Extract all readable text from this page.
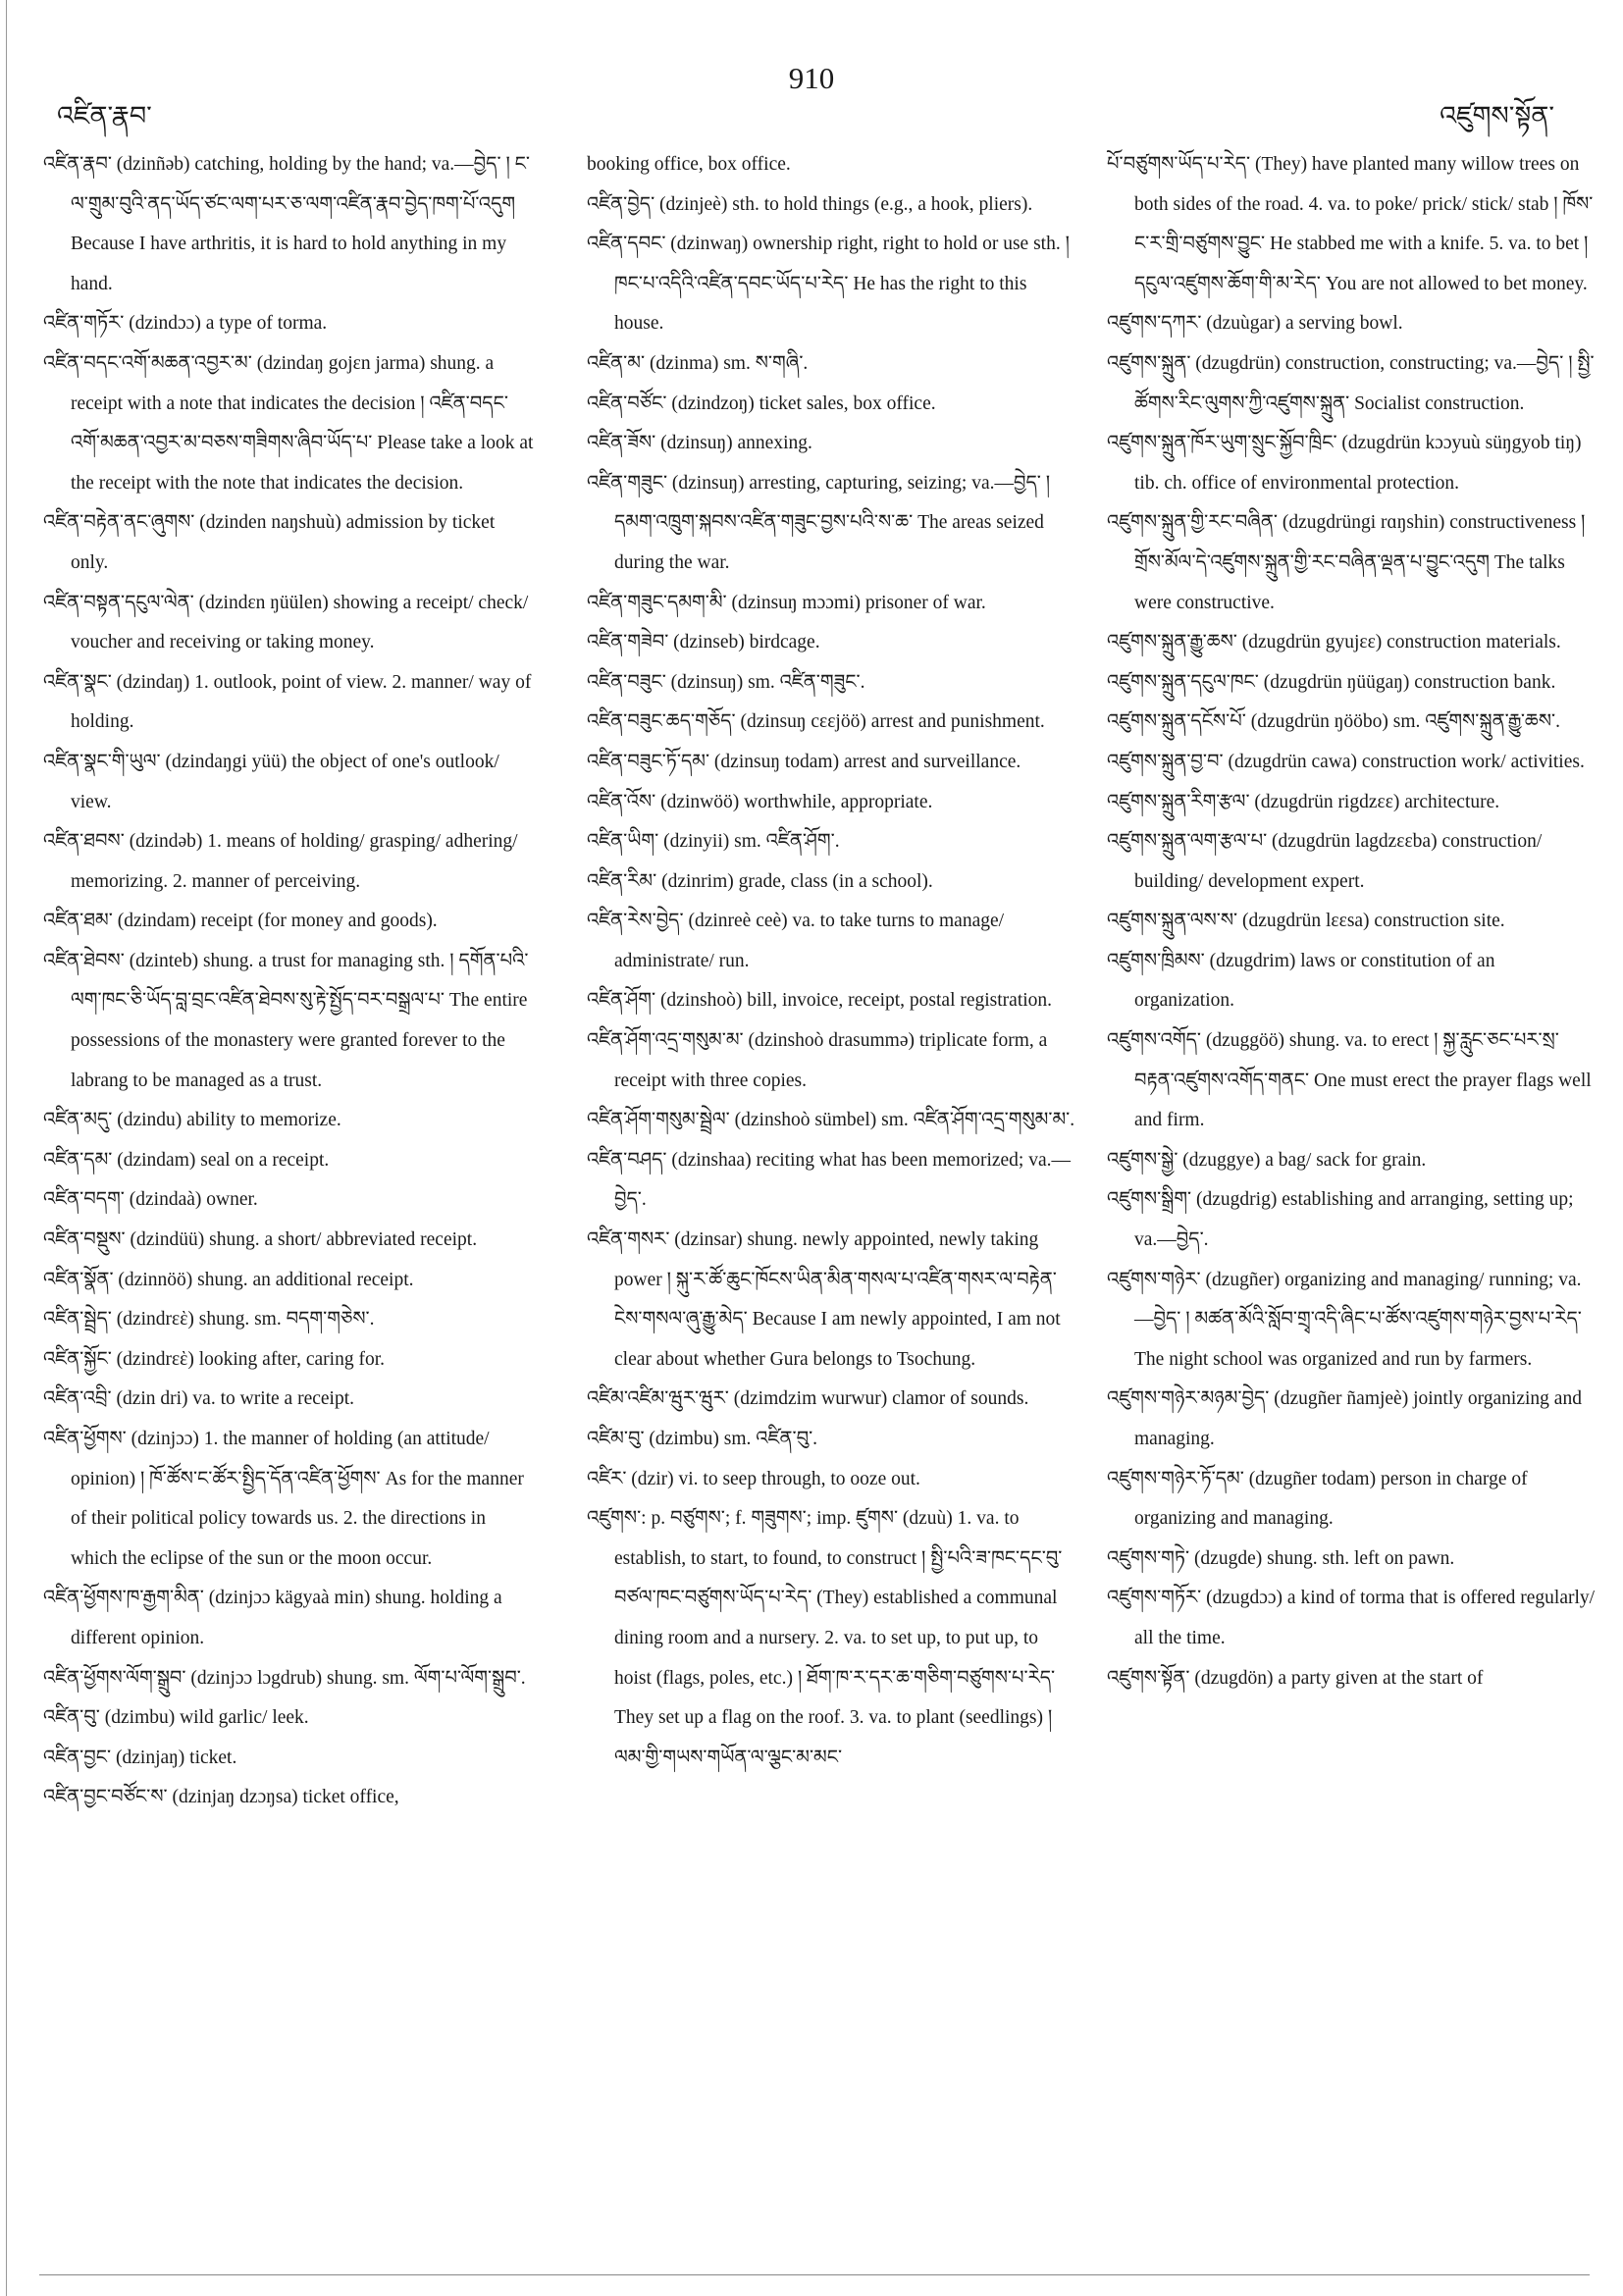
འཛིན་རྣབ་
910
འཛུགས་སྟོན་
འཛིན་རྣབ་ (dzinñəb) catching, holding by the hand; va.—བྱེད་ ། ང་ལ་གྲུམ་བུའི་ནད་ཡོད་ཙང་ལག་པར་ཅ་ལག་འཛིན་རྣབ་བྱེད་ཁག་པོ་འདུག Because I have arthritis, it is hard to hold anything in my hand.
འཛིན་གཏོར་ (dzindɔɔ) a type of torma.
འཛིན་བདང་འགོ་མཆན་འབྱར་མ་ (dzindaŋ gojɛn jarma) shung. a receipt with a note that indicates the decision ། འཛིན་བདང་འགོ་མཆན་འབྱར་མ་བཅས་གཟིགས་ཞིབ་ཡོད་པ་ Please take a look at the receipt with the note that indicates the decision.
འཛིན་བརྟེན་ནང་ཞུགས་ (dzinden naŋshuù) admission by ticket only.
འཛིན་བསྟན་དངུལ་ལེན་ (dzindɛn ŋüülen) showing a receipt/ check/ voucher and receiving or taking money.
འཛིན་སྣང་ (dzindaŋ) 1. outlook, point of view. 2. manner/ way of holding.
འཛིན་སྣང་གི་ཡུལ་ (dzindaŋgi yüü) the object of one's outlook/ view.
འཛིན་ཐབས་ (dzindəb) 1. means of holding/ grasping/ adhering/ memorizing. 2. manner of perceiving.
འཛིན་ཐམ་ (dzindam) receipt (for money and goods).
འཛིན་ཐེབས་ (dzinteb) shung. a trust for managing sth. ། དགོན་པའི་ལག་ཁང་ཅི་ཡོད་བླ་བྲང་འཛིན་ཐེབས་སུ་རྟེ་སྤྱོད་བར་བསྒྲལ་པ་ The entire possessions of the monastery were granted forever to the labrang to be managed as a trust.
འཛིན་མདུ་ (dzindu) ability to memorize.
འཛིན་དམ་ (dzindam) seal on a receipt.
འཛིན་བདག་ (dzindaà) owner.
འཛིན་བསྡུས་ (dzindüü) shung. a short/ abbreviated receipt.
འཛིན་སྣོན་ (dzinnöö) shung. an additional receipt.
འཛིན་སྦྲེད་ (dzindrεὲ) shung. sm. བདག་གཅེས་.
འཛིན་སྐྱོང་ (dzindrεὲ) looking after, caring for.
འཛིན་འབྲི་ (dzin dri) va. to write a receipt.
འཛིན་ཕྱོགས་ (dzinjɔɔ) 1. the manner of holding (an attitude/ opinion) ། ཁོ་ཚོས་ང་ཚོར་སྤྱིད་དོན་འཛིན་ཕྱོགས་ As for the manner of their political policy towards us. 2. the directions in which the eclipse of the sun or the moon occur.
འཛིན་ཕྱོགས་ཁ་རྒྱག་མིན་ (dzinjɔɔ kägyaà min) shung. holding a different opinion.
འཛིན་ཕྱོགས་ལོག་སྒྲུབ་ (dzinjɔɔ lɔgdrub) shung. sm. ལོག་པ་ལོག་སྒྲུབ་.
འཛིན་བུ་ (dzimbu) wild garlic/ leek.
འཛིན་བྱང་ (dzinjaŋ) ticket.
འཛིན་བྱང་བཙོང་ས་ (dzinjaŋ dzɔŋsa) ticket office,
booking office, box office.
འཛིན་བྱེད་ (dzinjeè) sth. to hold things (e.g., a hook, pliers).
འཛིན་དབང་ (dzinwaŋ) ownership right, right to hold or use sth. ། ཁང་པ་འདིའི་འཛིན་དབང་ཡོད་པ་རེད་ He has the right to this house.
འཛིན་མ་ (dzinma) sm. ས་གཞི་.
འཛིན་བཙོང་ (dzindzoŋ) ticket sales, box office.
འཛིན་ཟོས་ (dzinsuŋ) annexing.
འཛིན་གཟུང་ (dzinsuŋ) arresting, capturing, seizing; va.—བྱེད་ ། དམག་འཁྲུག་སྐབས་འཛིན་གཟུང་བྱས་པའི་ས་ཆ་ The areas seized during the war.
འཛིན་གཟུང་དམག་མི་ (dzinsuŋ mɔɔmi) prisoner of war.
འཛིན་གཟེབ་ (dzinseb) birdcage.
འཛིན་བཟུང་ (dzinsuŋ) sm. འཛིན་གཟུང་.
འཛིན་བཟུང་ཆད་གཅོད་ (dzinsuŋ cɛɛjöö) arrest and punishment.
འཛིན་བཟུང་ཏོ་དམ་ (dzinsuŋ todam) arrest and surveillance.
འཛིན་འོས་ (dzinwöö) worthwhile, appropriate.
འཛིན་ཡིག་ (dzinyii) sm. འཛིན་ཤོག་.
འཛིན་རིམ་ (dzinrim) grade, class (in a school).
འཛིན་རེས་བྱེད་ (dzinreè ceè) va. to take turns to manage/ administrate/ run.
འཛིན་ཤོག་ (dzinshoò) bill, invoice, receipt, postal registration.
འཛིན་ཤོག་འདྲ་གསུམ་མ་ (dzinshoò drasummə) triplicate form, a receipt with three copies.
འཛིན་ཤོག་གསུམ་སྦྲེལ་ (dzinshoò sümbel) sm. འཛིན་ཤོག་འདྲ་གསུམ་མ་.
འཛིན་བཤད་ (dzinshaa) reciting what has been memorized; va.—བྱེད་.
འཛིན་གསར་ (dzinsar) shung. newly appointed, newly taking power ། སྐུ་ར་ཚོ་ཆུང་ཁོངས་ཡིན་མིན་གསལ་པ་འཛིན་གསར་ལ་བརྟེན་ངེས་གསལ་ཞུ་རྒྱུ་མེད་ Because I am newly appointed, I am not clear about whether Gura belongs to Tsochung.
འཛིམ་འཛིམ་ཝུར་ཝུར་ (dzimdzim wurwur) clamor of sounds.
འཛིམ་བུ་ (dzimbu) sm. འཛིན་བུ་.
འཛིར་ (dzir) vi. to seep through, to ooze out.
འཛུགས་: p. བཙུགས་; f. གཟུགས་; imp. ཛུགས་ (dzuù) 1. va. to establish, to start, to found, to construct ། སྤྱི་པའི་ཟ་ཁང་དང་བུ་བཙལ་ཁང་བཙུགས་ཡོད་པ་རེད་ (They) established a communal dining room and a nursery. 2. va. to set up, to put up, to hoist (flags, poles, etc.) ། ཐོག་ཁ་ར་དར་ཆ་གཅིག་བཙུགས་པ་རེད་ They set up a flag on the roof. 3. va. to plant (seedlings) ། ལམ་གྱི་གཡས་གཡོན་ལ་ལྕང་མ་མང་
པོ་བཙུགས་ཡོད་པ་རེད་ (They) have planted many willow trees on both sides of the road. 4. va. to poke/ prick/ stick/ stab ། ཁོས་ང་ར་གྲི་བཙུགས་བྱུང་ He stabbed me with a knife. 5. va. to bet ། དངུལ་འཛུགས་ཆོག་གི་མ་རེད་ You are not allowed to bet money.
འཛུགས་དཀར་ (dzuùgar) a serving bowl.
འཛུགས་སྐྲུན་ (dzugdrün) construction, constructing; va.—བྱེད་ ། སྤྱི་ཚོགས་རིང་ལུགས་ཀྱི་འཛུགས་སྐྲུན་ Socialist construction.
འཛུགས་སྐྲུན་ཁོར་ཡུག་སྲུང་སྐྱོབ་ཁྲིང་ (dzugdrün kɔɔyuù süŋgyob tiŋ) tib. ch. office of environmental protection.
འཛུགས་སྐྲུན་གྱི་རང་བཞིན་ (dzugdrüngi rɑŋshin) constructiveness ། གྲོས་མོལ་དེ་འཛུགས་སྐྲུན་གྱི་རང་བཞིན་ལྡན་པ་བྱུང་འདུག The talks were constructive.
འཛུགས་སྐྲུན་རྒྱུ་ཆས་ (dzugdrün gyujɛɛ) construction materials.
འཛུགས་སྐྲུན་དངུལ་ཁང་ (dzugdrün ŋüügaŋ) construction bank.
འཛུགས་སྐྲུན་དངོས་པོ་ (dzugdrün ŋööbo) sm. འཛུགས་སྐྲུན་རྒྱུ་ཆས་.
འཛུགས་སྐྲུན་བྱ་བ་ (dzugdrün cawa) construction work/ activities.
འཛུགས་སྐྲུན་རིག་རྩལ་ (dzugdrün rigdzɛɛ) architecture.
འཛུགས་སྐྲུན་ལག་རྩལ་པ་ (dzugdrün lagdzɛɛba) construction/ building/ development expert.
འཛུགས་སྐྲུན་ལས་ས་ (dzugdrün lɛɛsa) construction site.
འཛུགས་ཁྲིམས་ (dzugdrim) laws or constitution of an organization.
འཛུགས་འགོད་ (dzuggöö) shung. va. to erect ། སྐྱ་རླུང་ཅང་པར་སྲ་བརྟན་འཛུགས་འགོད་གནང་ One must erect the prayer flags well and firm.
འཛུགས་སྒྱེ་ (dzuggye) a bag/ sack for grain.
འཛུགས་སྒྲིག་ (dzugdrig) establishing and arranging, setting up; va.—བྱེད་.
འཛུགས་གཉེར་ (dzugñer) organizing and managing/ running; va.—བྱེད་ ། མཚན་མོའི་སློབ་གྲྭ་འདི་ཞིང་པ་ཚོས་འཛུགས་གཉེར་བྱས་པ་རེད་ The night school was organized and run by farmers.
འཛུགས་གཉེར་མཉམ་བྱེད་ (dzugñer ñamjeè) jointly organizing and managing.
འཛུགས་གཉེར་ཏོ་དམ་ (dzugñer todam) person in charge of organizing and managing.
འཛུགས་གཏེ་ (dzugde) shung. sth. left on pawn.
འཛུགས་གཏོར་ (dzugdɔɔ) a kind of torma that is offered regularly/ all the time.
འཛུགས་སྟོན་ (dzugdön) a party given at the start of
